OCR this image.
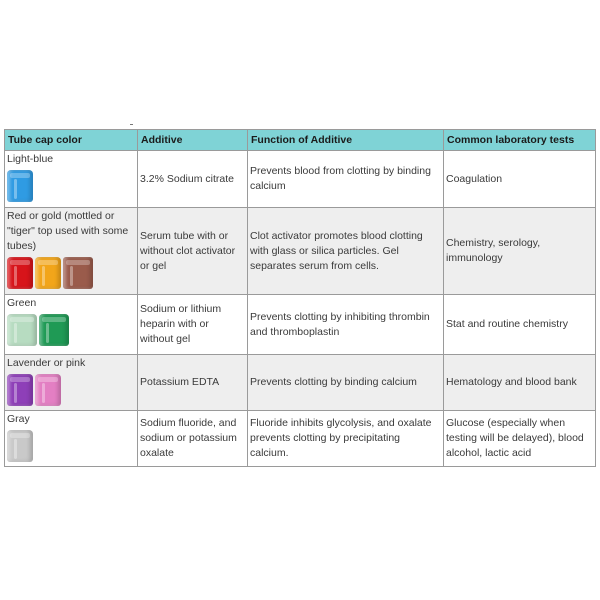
Tube cap color	Additive	Function of Additive	Common laboratory tests

Light-blue	3.2% Sodium citrate	Prevents blood from clotting by binding calcium	Coagulation

Red or gold (mottled or "tiger" top used with some tubes)	Serum tube with or without clot activator or gel	Clot activator promotes blood clotting with glass or silica particles. Gel separates serum from cells.	Chemistry, serology, immunology

Green	Sodium or lithium heparin with or without gel	Prevents clotting by inhibiting thrombin and thromboplastin	Stat and routine chemistry

Lavender or pink	Potassium EDTA	Prevents clotting by binding calcium	Hematology and blood bank

Gray	Sodium fluoride, and sodium or potassium oxalate	Fluoride inhibits glycolysis, and oxalate prevents clotting by precipitating calcium.	Glucose (especially when testing will be delayed), blood alcohol, lactic acid
